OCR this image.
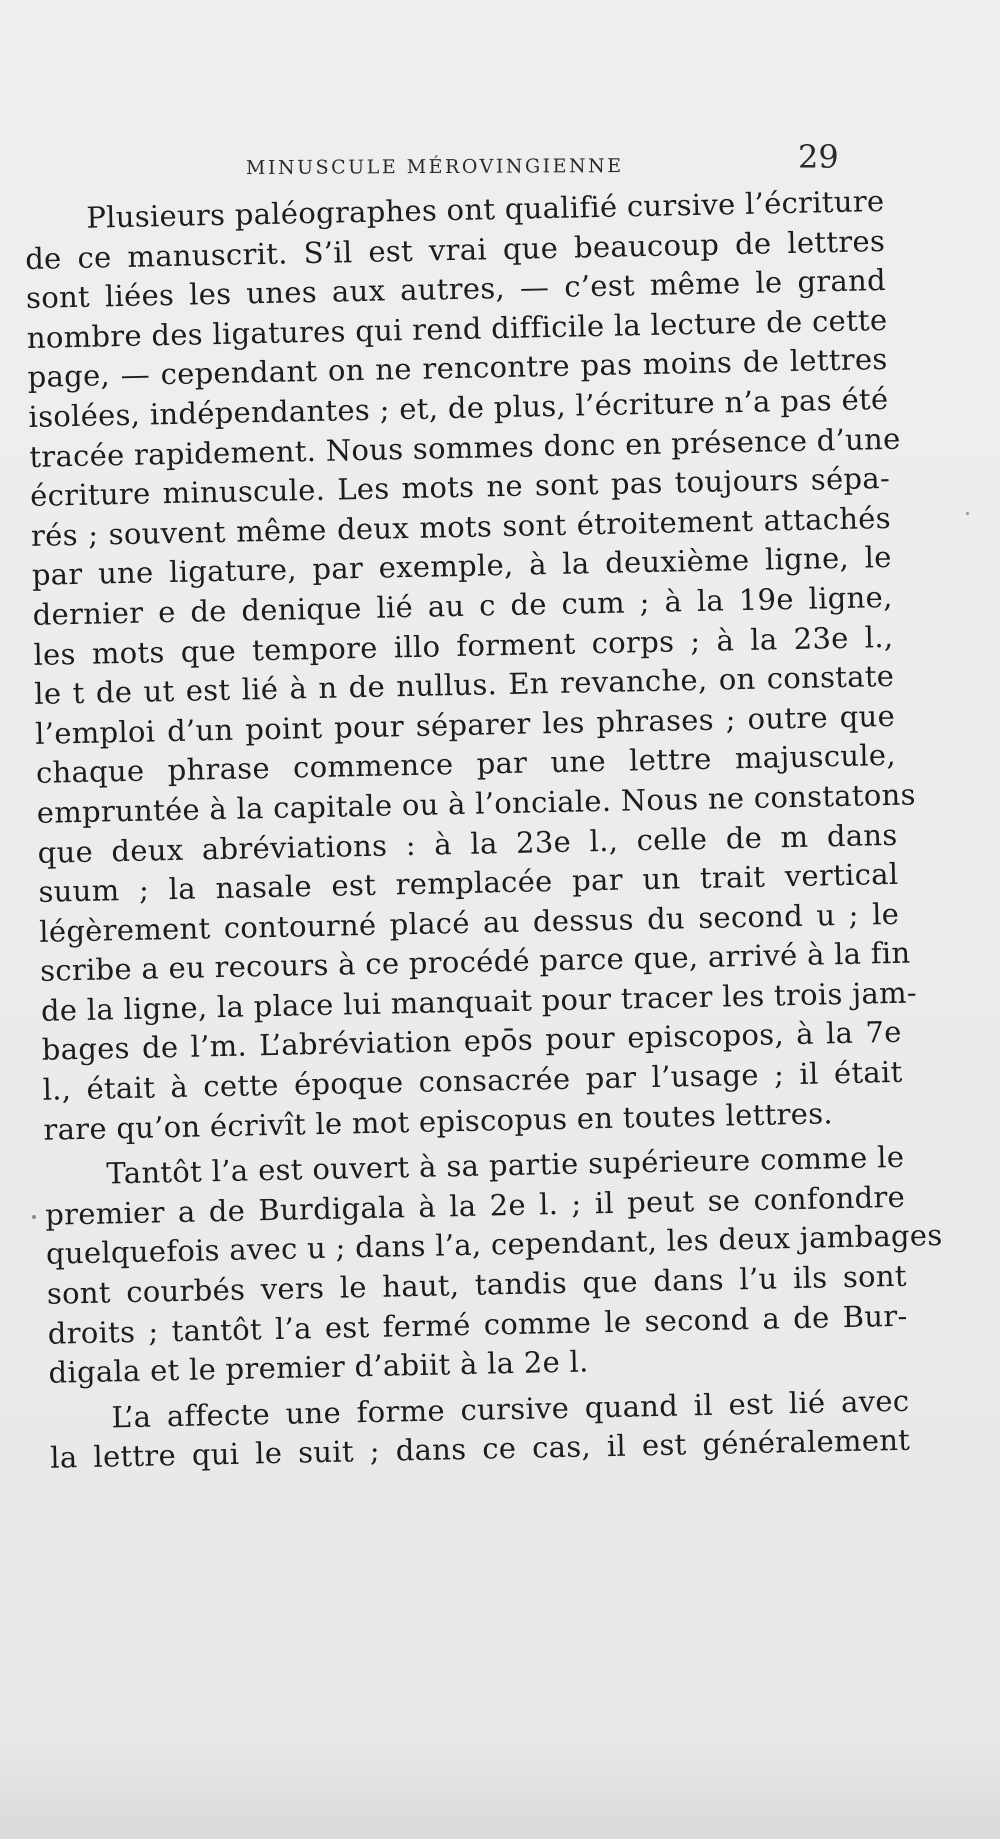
MINUSCULE MÉROVINGIENNE	29
Plusieurs paléographes ont qualifié cursive l’écriture
de ce manuscrit. S’il est vrai que beaucoup de lettres
sont liées les unes aux autres, — c’est même le grand
nombre des ligatures qui rend difficile la lecture de cette
page, — cependant on ne rencontre pas moins de lettres
isolées, indépendantes ; et, de plus, l’écriture n’a pas été
tracée rapidement. Nous sommes donc en présence d’une
écriture minuscule. Les mots ne sont pas toujours sépa-
rés ; souvent même deux mots sont étroitement attachés
par une ligature, par exemple, à la deuxième ligne, le
dernier e de denique lié au c de cum ; à la 19e ligne,
les mots que tempore illo forment corps ; à la 23e l.,
le t de ut est lié à n de nullus. En revanche, on constate
l’emploi d’un point pour séparer les phrases ; outre que
chaque phrase commence par une lettre majuscule,
empruntée à la capitale ou à l’onciale. Nous ne constatons
que deux abréviations : à la 23e l., celle de m dans
suum ; la nasale est remplacée par un trait vertical
légèrement contourné placé au dessus du second u ; le
scribe a eu recours à ce procédé parce que, arrivé à la fin
de la ligne, la place lui manquait pour tracer les trois jam-
bages de l’m. L’abréviation epōs pour episcopos, à la 7e
l., était à cette époque consacrée par l’usage ; il était
rare qu’on écrivît le mot episcopus en toutes lettres.
Tantôt l’a est ouvert à sa partie supérieure comme le
premier a de Burdigala à la 2e l. ; il peut se confondre
quelquefois avec u ; dans l’a, cependant, les deux jambages
sont courbés vers le haut, tandis que dans l’u ils sont
droits ; tantôt l’a est fermé comme le second a de Bur-
digala et le premier d’abiit à la 2e l.
L’a affecte une forme cursive quand il est lié avec
la lettre qui le suit ; dans ce cas, il est généralement
